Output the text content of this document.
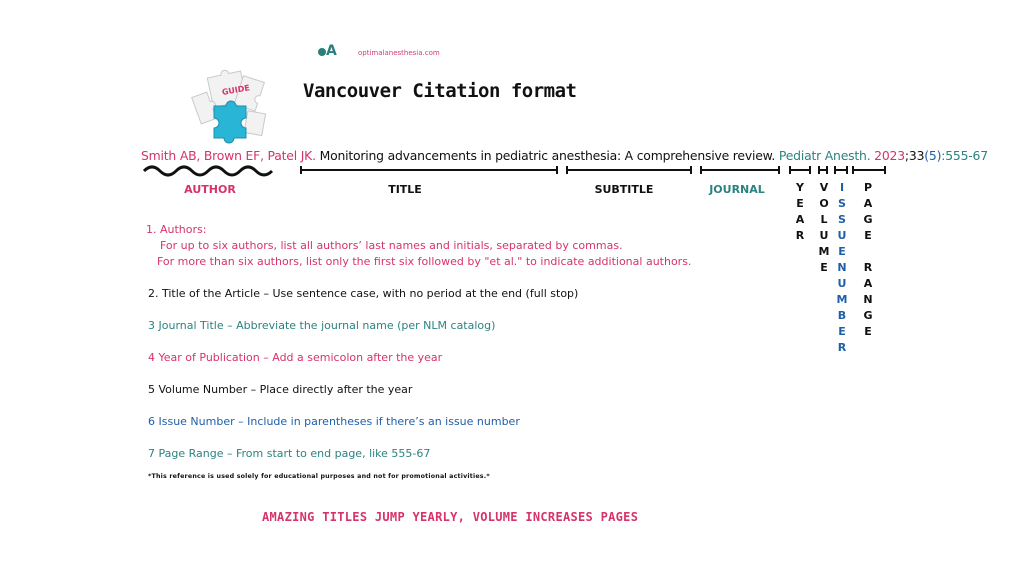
A	optimalanesthesia.com
GUIDE	Vancouver Citation format
Smith AB, Brown EF, Patel JK. Monitoring advancements in pediatric anesthesia: A comprehensive review. Pediatr Anesth. 2023;33(5):555-67
AUTHOR	TITLE	SUBTITLE	JOURNAL	Y
E
A
R
V
O
L
U
M
E
I
S
S
U
E
N
U
M
B
E
R
P
A
G
E
R
A
N
G
E
1. Authors:
For up to six authors, list all authors’ last names and initials, separated by commas.
For more than six authors, list only the first six followed by "et al." to indicate additional authors.
2. Title of the Article – Use sentence case, with no period at the end (full stop)
3 Journal Title – Abbreviate the journal name (per NLM catalog)
4 Year of Publication – Add a semicolon after the year
5 Volume Number – Place directly after the year
6 Issue Number – Include in parentheses if there’s an issue number
7 Page Range – From start to end page, like 555-67
*This reference is used solely for educational purposes and not for promotional activities.*
AMAZING TITLES JUMP YEARLY, VOLUME INCREASES PAGES
